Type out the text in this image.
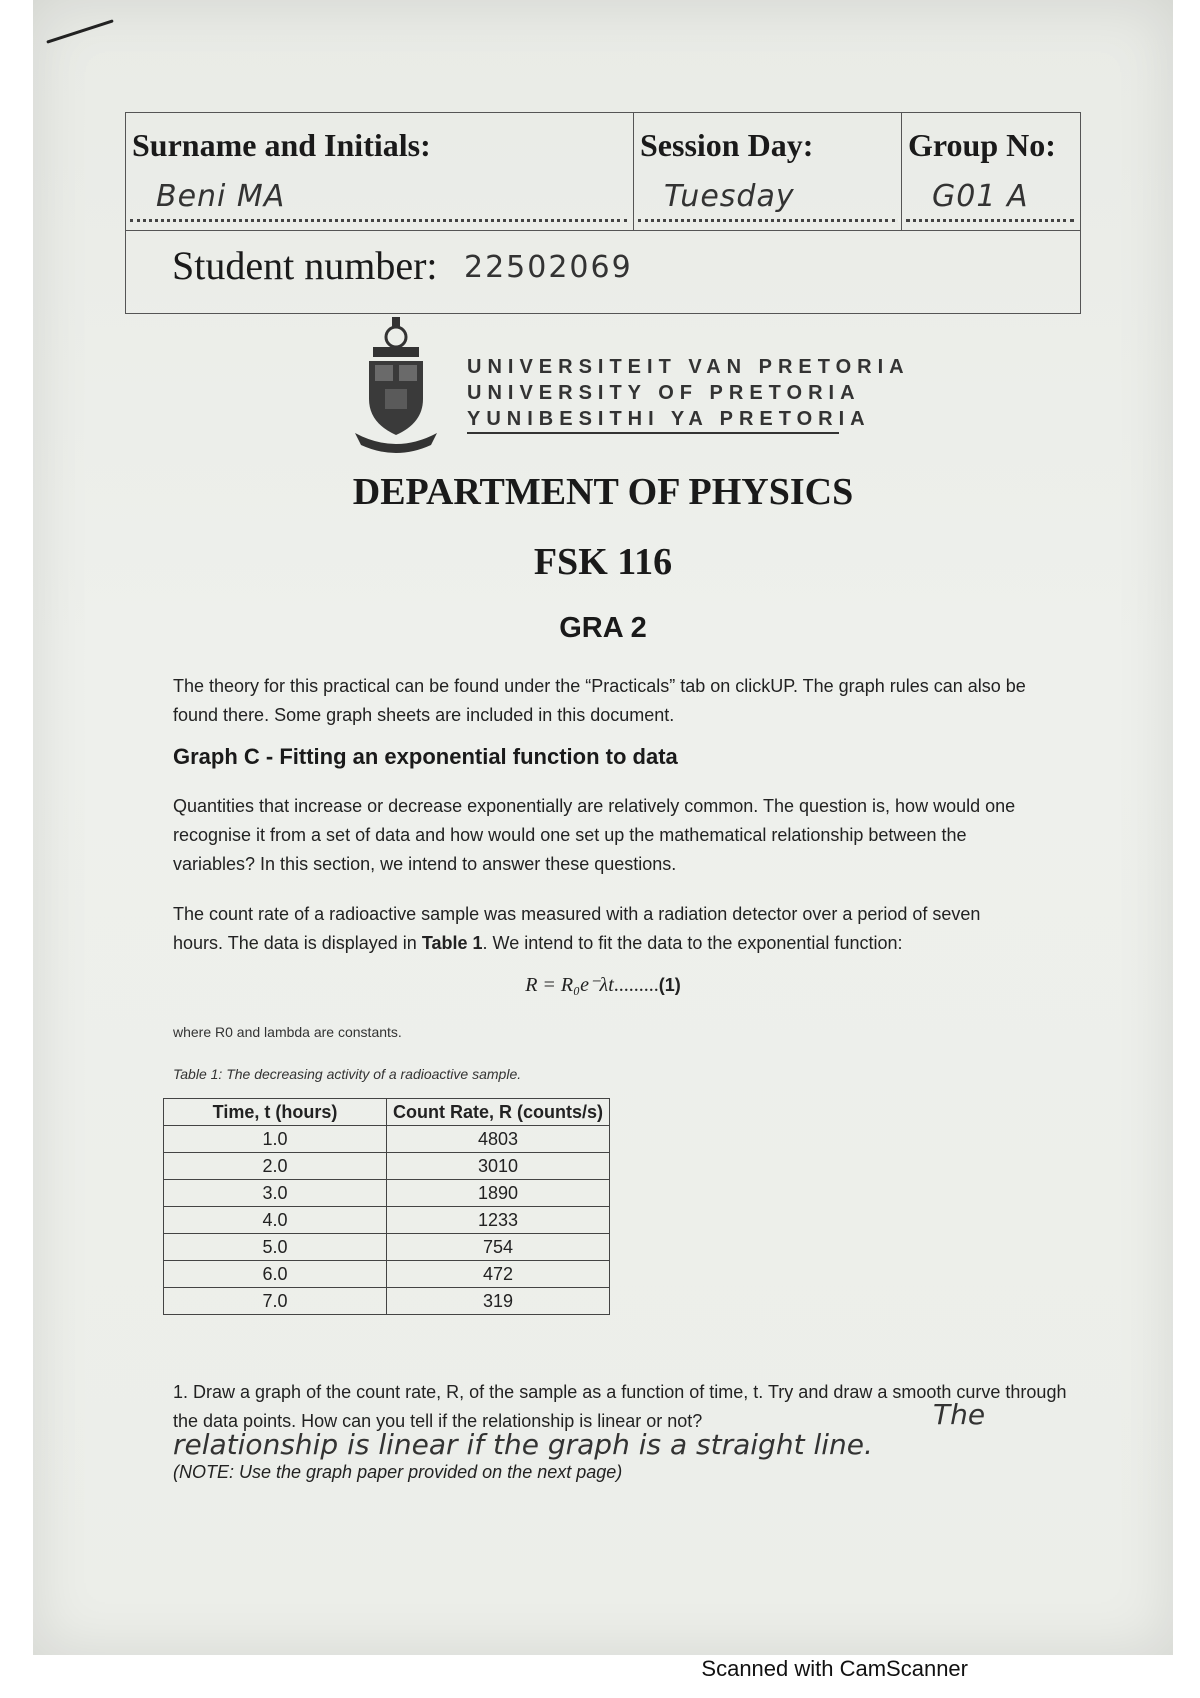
Surname and Initials:
Beni MA
Session Day:
Tuesday
Group No:
G01 A
Student number: 22502069
UNIVERSITEIT VAN PRETORIA
UNIVERSITY OF PRETORIA
YUNIBESITHI YA PRETORIA
DEPARTMENT OF PHYSICS
FSK 116
GRA 2
The theory for this practical can be found under the “Practicals” tab on clickUP. The graph rules can also be found there. Some graph sheets are included in this document.
Graph C - Fitting an exponential function to data
Quantities that increase or decrease exponentially are relatively common. The question is, how would one recognise it from a set of data and how would one set up the mathematical relationship between the variables? In this section, we intend to answer these questions.
The count rate of a radioactive sample was measured with a radiation detector over a period of seven hours. The data is displayed in Table 1. We intend to fit the data to the exponential function:
R = R₀e⁻λt.........(1)
where R0 and lambda are constants.
Table 1: The decreasing activity of a radioactive sample.
Time, t (hours)	Count Rate, R (counts/s)
1.0	4803
2.0	3010
3.0	1890
4.0	1233
5.0	754
6.0	472
7.0	319
1. Draw a graph of the count rate, R, of the sample as a function of time, t. Try and draw a smooth curve through the data points. How can you tell if the relationship is linear or not?	The relationship is linear if the graph is a straight line.
(NOTE: Use the graph paper provided on the next page)
Scanned with CamScanner
